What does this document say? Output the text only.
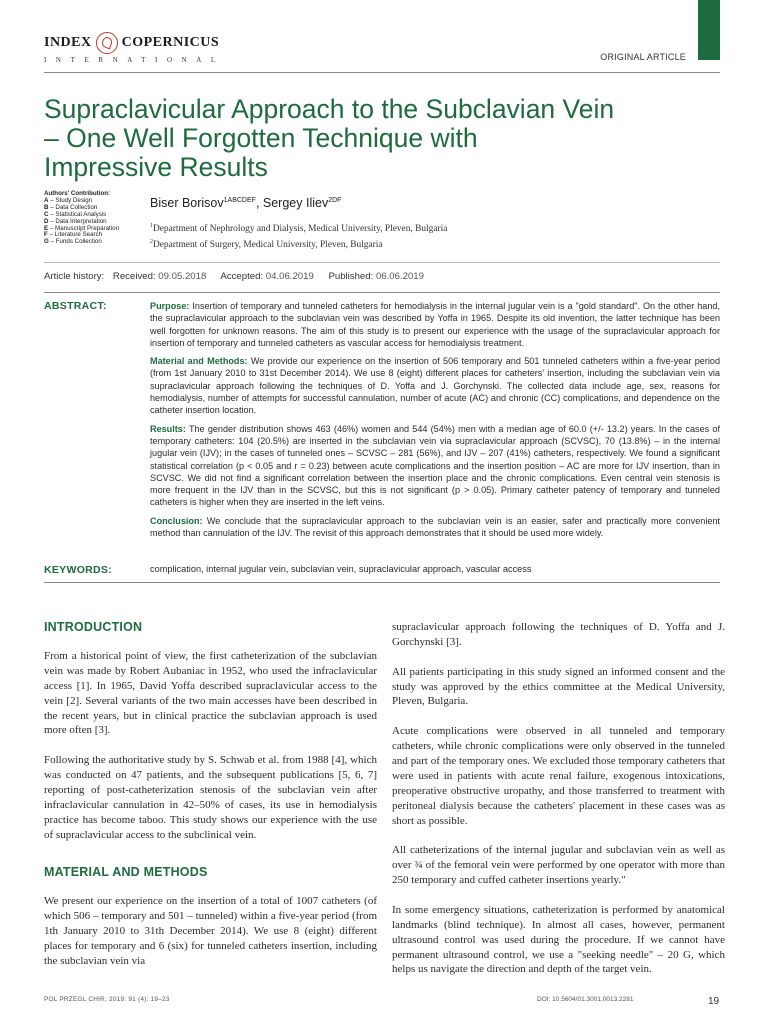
INDEX COPERNICUS
INTERNATIONAL	ORIGINAL ARTICLE
Supraclavicular Approach to the Subclavian Vein
– One Well Forgotten Technique with
Impressive Results
Authors' Contribution:
A – Study Design
B – Data Collection
C – Statistical Analysis
D – Data Interpretation
E – Manuscript Preparation
F – Literature Search
G – Funds Collection
Biser Borisov$^{1ABCDEF}$, Sergey Iliev$^{2DF}$
$^1$Department of Nephrology and Dialysis, Medical University, Pleven, Bulgaria
$^2$Department of Surgery, Medical University, Pleven, Bulgaria
Article history: Received: 09.05.2018 Accepted: 04.06.2019 Published: 06.06.2019
ABSTRACT:	Purpose: Insertion of temporary and tunneled catheters for hemodialysis in the internal jugular vein is a "gold standard". On the other hand, the supraclavicular approach to the subclavian vein was described by Yoffa in 1965. Despite its old invention, the latter technique has been well forgotten for unknown reasons. The aim of this study is to present our experience with the usage of the supraclavicular approach for insertion of temporary and tunneled catheters as vascular access for hemodialysis treatment.

Material and Methods: We provide our experience on the insertion of 506 temporary and 501 tunneled catheters within a five-year period (from 1st January 2010 to 31st December 2014). We use 8 (eight) different places for catheters' insertion, including the subclavian vein via supraclavicular approach following the techniques of D. Yoffa and J. Gorchynski. The collected data include age, sex, reasons for hemodialysis, number of attempts for successful cannulation, number of acute (AC) and chronic (CC) complications, and dependence on the catheter insertion location.

Results: The gender distribution shows 463 (46%) women and 544 (54%) men with a median age of 60.0 (+/- 13.2) years. In the cases of temporary catheters: 104 (20.5%) are inserted in the subclavian vein via supraclavicular approach (SCVSC), 70 (13.8%) – in the internal jugular vein (IJV); in the cases of tunneled ones – SCVSC – 281 (56%), and IJV – 207 (41%) catheters, respectively. We found a significant statistical correlation (p < 0.05 and r = 0.23) between acute complications and the insertion position – AC are more for IJV insertion, than in SCVSC. We did not find a significant correlation between the insertion place and the chronic complications. Even central vein stenosis is more frequent in the IJV than in the SCVSC, but this is not significant (p > 0.05). Primary catheter patency of temporary and tunneled catheters is higher when they are inserted in the left veins.

Conclusion: We conclude that the supraclavicular approach to the subclavian vein is an easier, safer and practically more convenient method than cannulation of the IJV. The revisit of this approach demonstrates that it should be used more widely.

KEYWORDS:	complication, internal jugular vein, subclavian vein, supraclavicular approach, vascular access
INTRODUCTION

From a historical point of view, the first catheterization of the subclavian vein was made by Robert Aubaniac in 1952, who used the infraclavicular access [1]. In 1965, David Yoffa described supraclavicular access to the vein [2]. Several variants of the two main accesses have been described in the recent years, but in clinical practice the subclavian approach is used more often [3].

Following the authoritative study by S. Schwab et al. from 1988 [4], which was conducted on 47 patients, and the subsequent publications [5, 6, 7] reporting of post-catheterization stenosis of the subclavian vein after infraclavicular cannulation in 42–50% of cases, its use in hemodialysis practice has become taboo. This study shows our experience with the use of supraclavicular access to the subclinical vein.

MATERIAL AND METHODS

We present our experience on the insertion of a total of 1007 catheters (of which 506 – temporary and 501 – tunneled) within a five-year period (from 1th January 2010 to 31th December 2014). We use 8 (eight) different places for temporary and 6 (six) for tunneled catheters insertion, including the subclavian vein via

supraclavicular approach following the techniques of D. Yoffa and J. Gorchynski [3].

All patients participating in this study signed an informed consent and the study was approved by the ethics committee at the Medical University, Pleven, Bulgaria.

Acute complications were observed in all tunneled and temporary catheters, while chronic complications were only observed in the tunneled and part of the temporary ones. We excluded those temporary catheters that were used in patients with acute renal failure, exogenous intoxications, preoperative obstructive uropathy, and those transferred to treatment with peritoneal dialysis because the catheters' placement in these cases was as short as possible.

All catheterizations of the internal jugular and subclavian vein as well as over ¾ of the femoral vein were performed by one operator with more than 250 temporary and cuffed catheter insertions yearly."

In some emergency situations, catheterization is performed by anatomical landmarks (blind technique). In almost all cases, however, permanent ultrasound control was used during the procedure. If we cannot have permanent ultrasound control, we use a "seeking needle" – 20 G, which helps us navigate the direction and depth of the target vein.

POL PRZEGL CHIR, 2019: 91 (4): 19–23	DOI: 10.5604/01.3001.0013.2281	19
